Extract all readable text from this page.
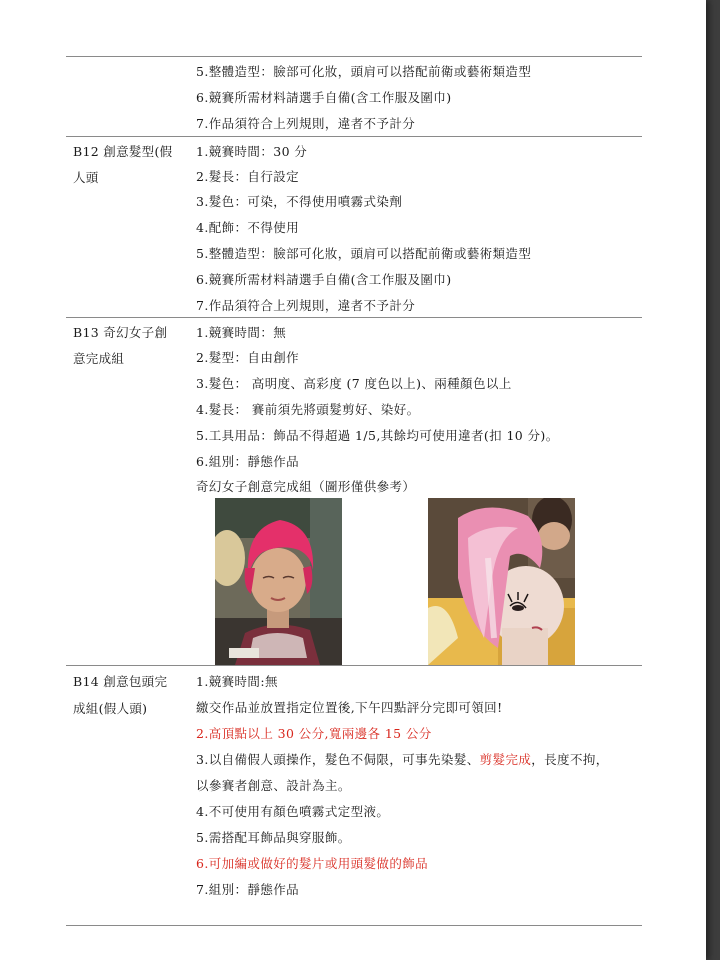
5.整體造型：臉部可化妝，頭肩可以搭配前衛或藝術類造型
6.競賽所需材料請選手自備(含工作服及圍巾)
7.作品須符合上列規則，違者不予計分
B12 創意髮型(假
人頭
1.競賽時間：30 分
2.髮長：自行設定
3.髮色：可染，不得使用噴霧式染劑
4.配飾：不得使用
5.整體造型：臉部可化妝，頭肩可以搭配前衛或藝術類造型
6.競賽所需材料請選手自備(含工作服及圍巾)
7.作品須符合上列規則，違者不予計分
B13 奇幻女子創
意完成組
1.競賽時間：無
2.髮型：自由創作
3.髮色： 高明度、高彩度 (7 度色以上)、兩種顏色以上
4.髮長： 賽前須先將頭髮剪好、染好。
5.工具用品：飾品不得超過 1/5,其餘均可使用違者(扣 10 分)。
6.組別：靜態作品
奇幻女子創意完成組（圖形僅供參考）
B14 創意包頭完
成組(假人頭)
1.競賽時間:無
繳交作品並放置指定位置後,下午四點評分完即可領回!
2.高頂點以上 30 公分,寬兩邊各 15 公分
3.以自備假人頭操作，髮色不侷限，可事先染髮、剪髮完成，長度不拘，
以參賽者創意、設計為主。
4.不可使用有顏色噴霧式定型液。
5.需搭配耳飾品與穿服飾。
6.可加編或做好的髮片或用頭髮做的飾品
7.組別：靜態作品
